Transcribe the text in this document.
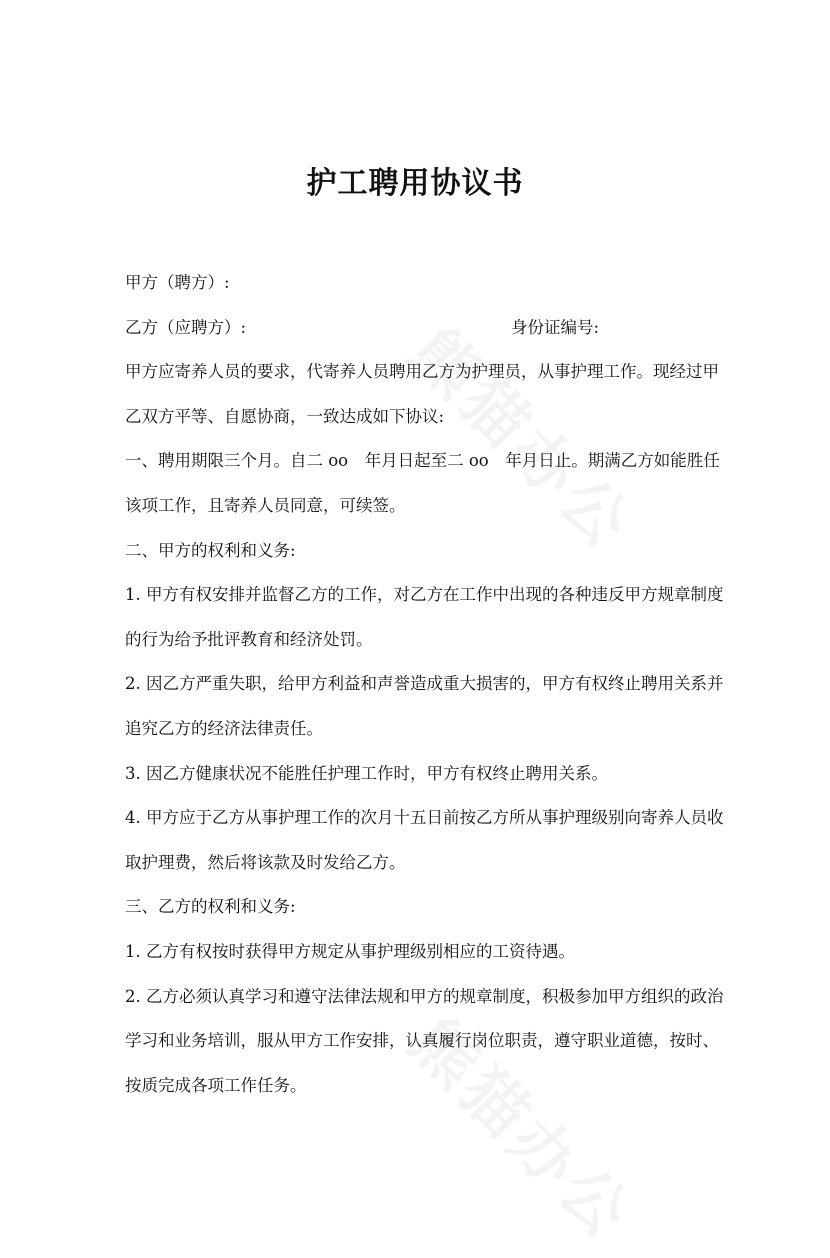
护工聘用协议书

甲方（聘方）:

乙方（应聘方）:	身份证编号:

甲方应寄养人员的要求，代寄养人员聘用乙方为护理员，从事护理工作。现经过甲乙双方平等、自愿协商，一致达成如下协议:

一、聘用期限三个月。自二 oo　年月日起至二 oo　年月日止。期满乙方如能胜任该项工作，且寄养人员同意，可续签。

二、甲方的权利和义务:

1. 甲方有权安排并监督乙方的工作，对乙方在工作中出现的各种违反甲方规章制度的行为给予批评教育和经济处罚。

2. 因乙方严重失职，给甲方利益和声誉造成重大损害的，甲方有权终止聘用关系并追究乙方的经济法律责任。

3. 因乙方健康状况不能胜任护理工作时，甲方有权终止聘用关系。

4. 甲方应于乙方从事护理工作的次月十五日前按乙方所从事护理级别向寄养人员收取护理费，然后将该款及时发给乙方。

三、乙方的权利和义务:

1. 乙方有权按时获得甲方规定从事护理级别相应的工资待遇。

2. 乙方必须认真学习和遵守法律法规和甲方的规章制度，积极参加甲方组织的政治学习和业务培训，服从甲方工作安排，认真履行岗位职责，遵守职业道德，按时、按质完成各项工作任务。
